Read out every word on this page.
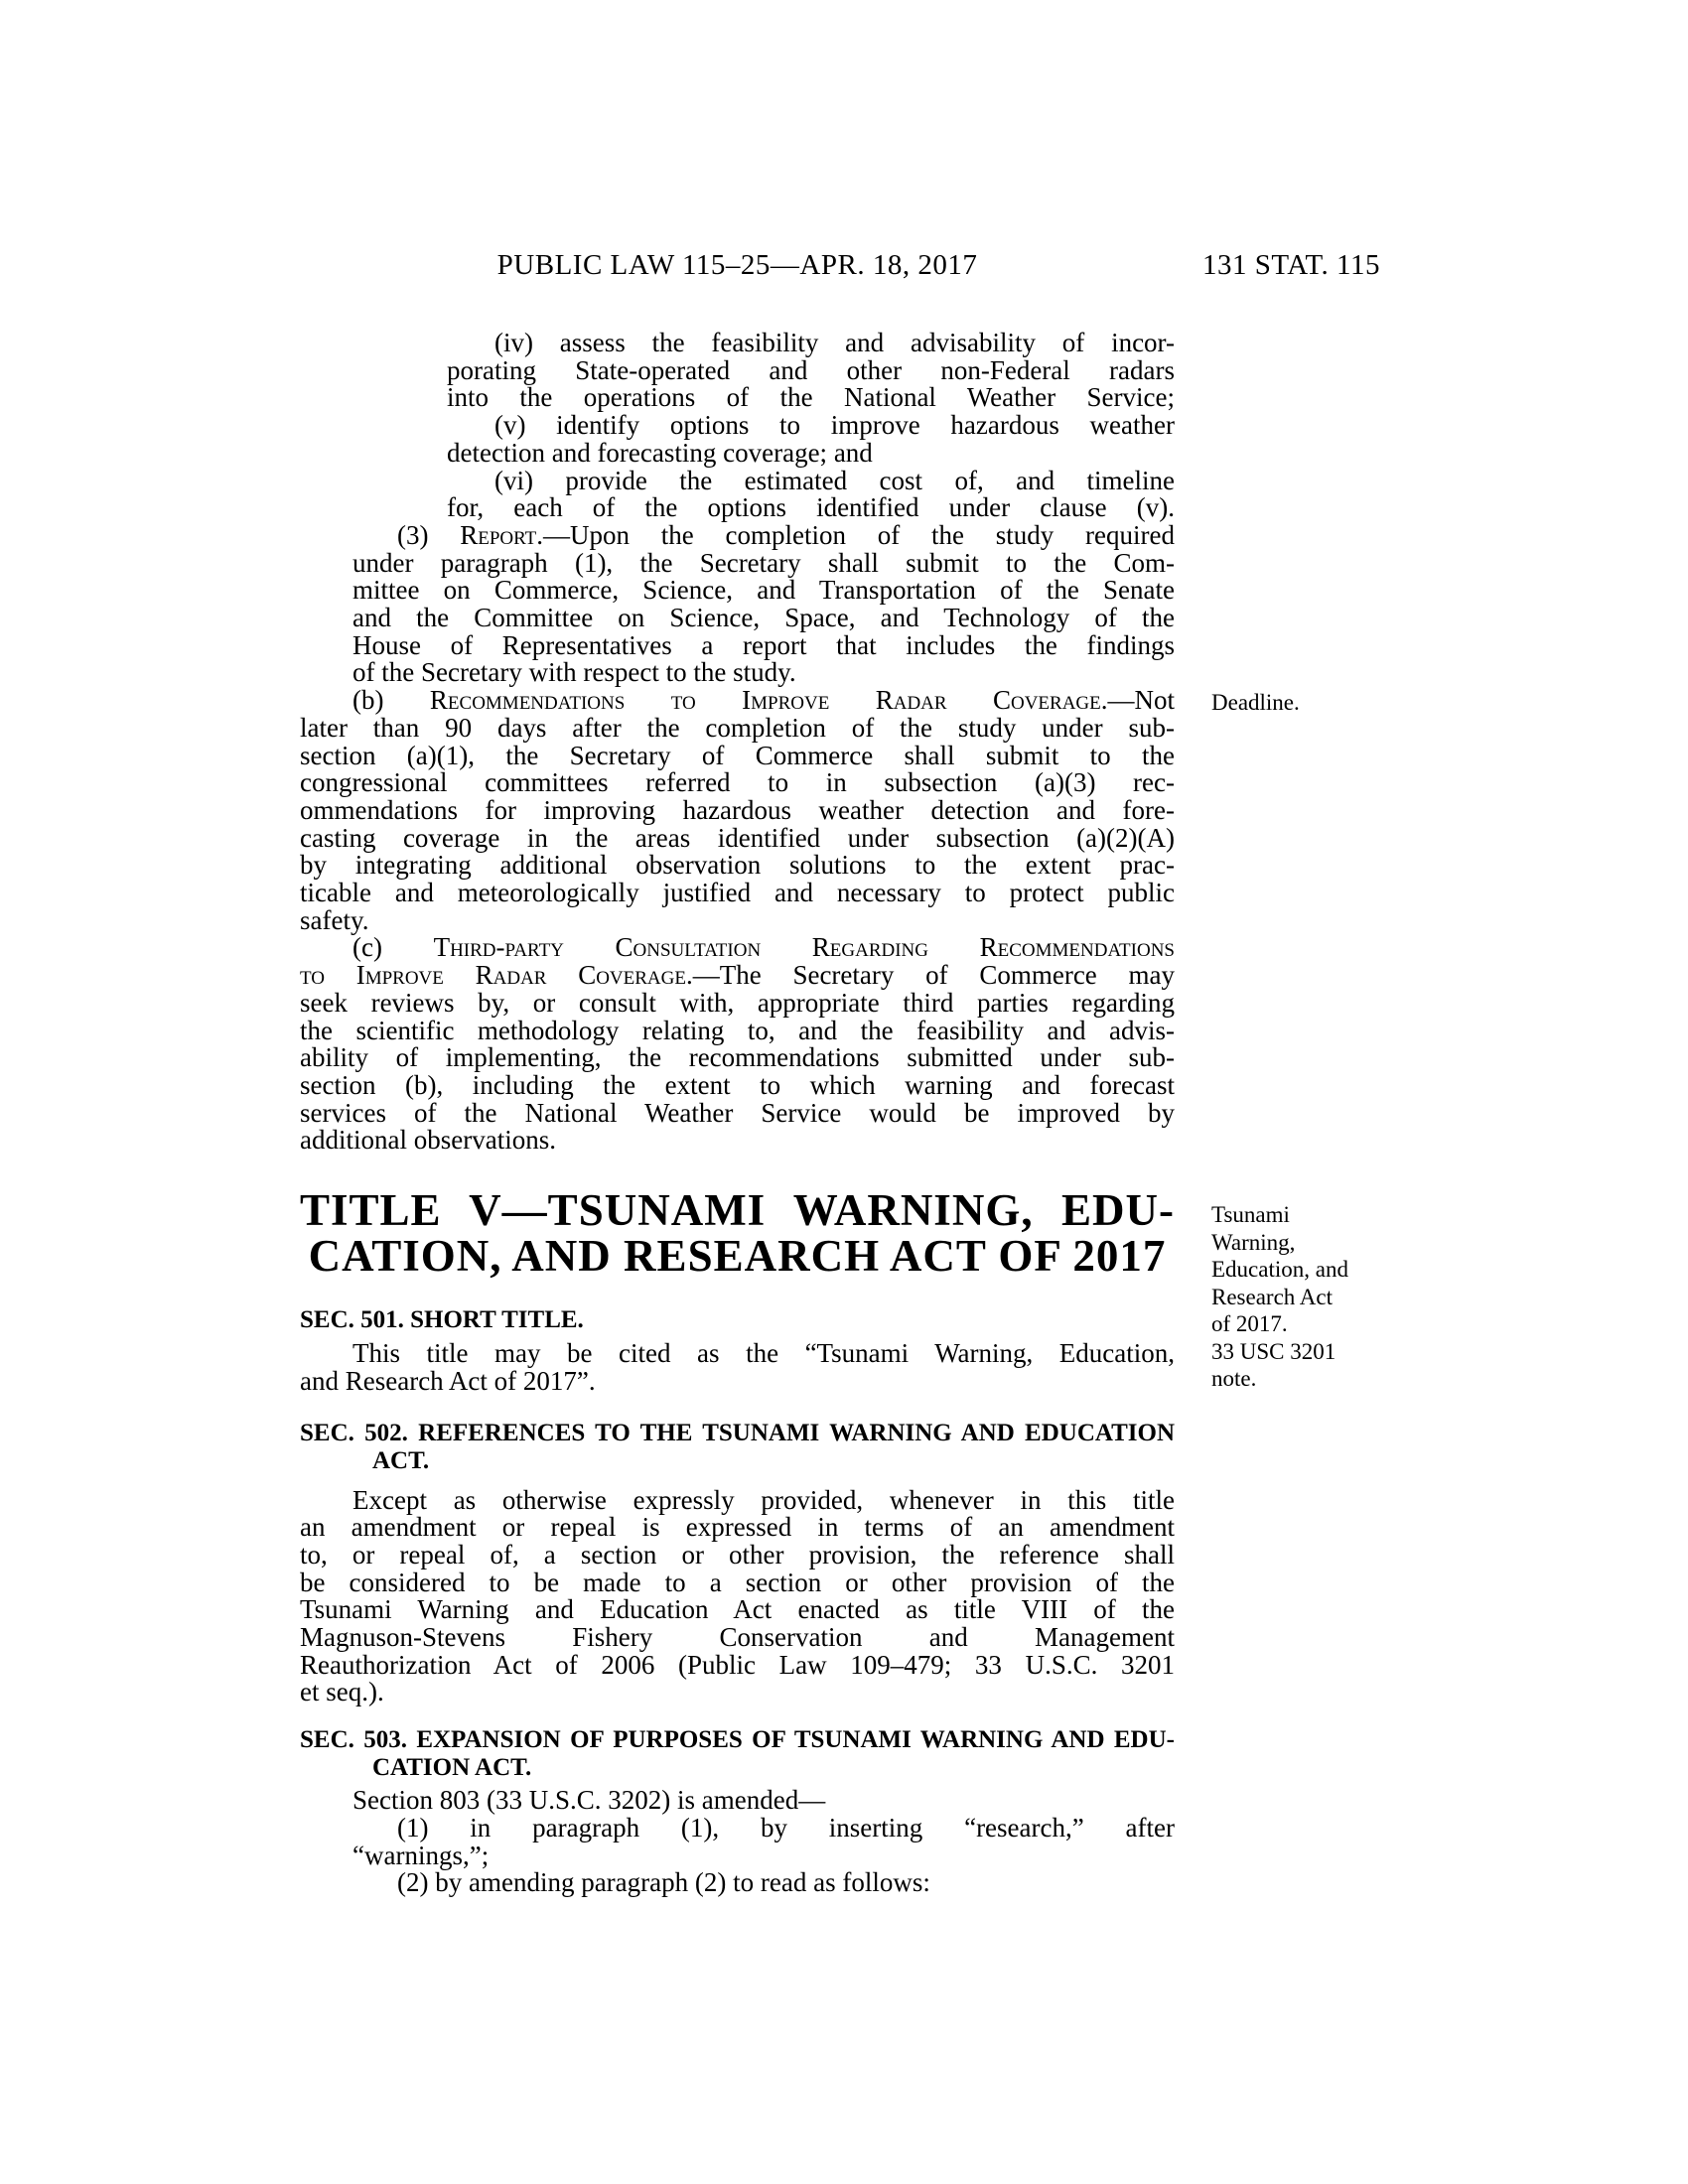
PUBLIC LAW 115–25—APR. 18, 2017	131 STAT. 115
(iv) assess the feasibility and advisability of incor-
porating State-operated and other non-Federal radars
into the operations of the National Weather Service;
(v) identify options to improve hazardous weather
detection and forecasting coverage; and
(vi) provide the estimated cost of, and timeline
for, each of the options identified under clause (v).
(3) Report.—Upon the completion of the study required
under paragraph (1), the Secretary shall submit to the Com-
mittee on Commerce, Science, and Transportation of the Senate
and the Committee on Science, Space, and Technology of the
House of Representatives a report that includes the findings
of the Secretary with respect to the study.
(b) Recommendations to Improve Radar Coverage.—Not
later than 90 days after the completion of the study under sub-
section (a)(1), the Secretary of Commerce shall submit to the
congressional committees referred to in subsection (a)(3) rec-
ommendations for improving hazardous weather detection and fore-
casting coverage in the areas identified under subsection (a)(2)(A)
by integrating additional observation solutions to the extent prac-
ticable and meteorologically justified and necessary to protect public
safety.
(c) Third-party Consultation Regarding Recommendations
to Improve Radar Coverage.—The Secretary of Commerce may
seek reviews by, or consult with, appropriate third parties regarding
the scientific methodology relating to, and the feasibility and advis-
ability of implementing, the recommendations submitted under sub-
section (b), including the extent to which warning and forecast
services of the National Weather Service would be improved by
additional observations.
TITLE V—TSUNAMI WARNING, EDU-
CATION, AND RESEARCH ACT OF 2017
SEC. 501. SHORT TITLE.
This title may be cited as the “Tsunami Warning, Education,
and Research Act of 2017”.
SEC. 502. REFERENCES TO THE TSUNAMI WARNING AND EDUCATION
ACT.
Except as otherwise expressly provided, whenever in this title
an amendment or repeal is expressed in terms of an amendment
to, or repeal of, a section or other provision, the reference shall
be considered to be made to a section or other provision of the
Tsunami Warning and Education Act enacted as title VIII of the
Magnuson-Stevens Fishery Conservation and Management
Reauthorization Act of 2006 (Public Law 109–479; 33 U.S.C. 3201
et seq.).
SEC. 503. EXPANSION OF PURPOSES OF TSUNAMI WARNING AND EDU-
CATION ACT.
Section 803 (33 U.S.C. 3202) is amended—
(1) in paragraph (1), by inserting “research,” after
“warnings,”;
(2) by amending paragraph (2) to read as follows:
Deadline.
Tsunami
Warning,
Education, and
Research Act
of 2017.
33 USC 3201
note.
